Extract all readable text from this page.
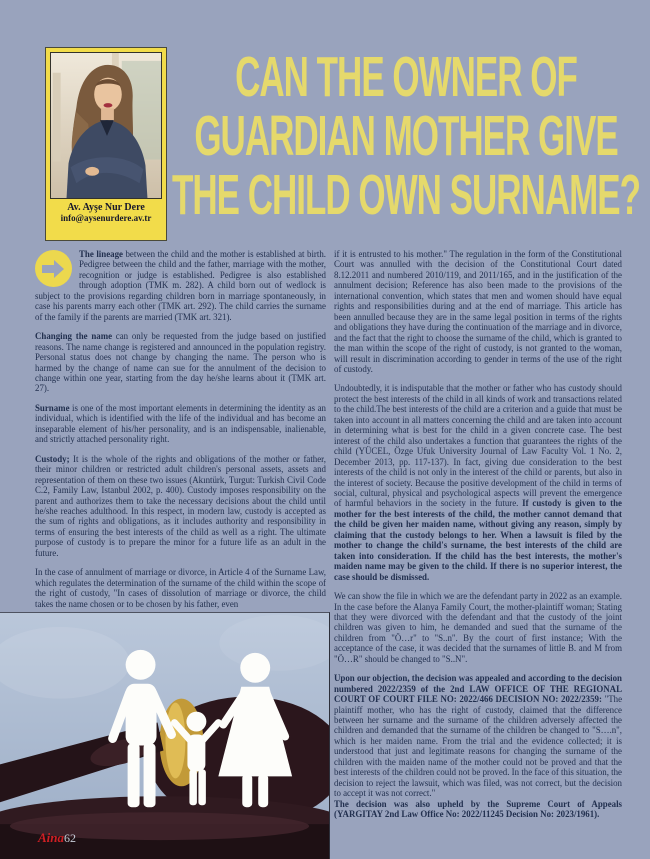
Av. Ayşe Nur Dere
info@aysenurdere.av.tr
CAN THE OWNER OF
GUARDIAN MOTHER GIVE
THE CHILD OWN SURNAME?

The lineage between the child and the mother is established at birth. Pedigree between the child and the father, marriage with the mother, recognition or judge is established. Pedigree is also established through adoption (TMK m. 282). A child born out of wedlock is subject to the provisions regarding children born in marriage spontaneously, in case his parents marry each other (TMK art. 292). The child carries the surname of the family if the parents are married (TMK art. 321).

Changing the name can only be requested from the judge based on justified reasons. The name change is registered and announced in the population registry. Personal status does not change by changing the name. The person who is harmed by the change of name can sue for the annulment of the decision to change within one year, starting from the day he/she learns about it (TMK art. 27).

Surname is one of the most important elements in determining the identity as an individual, which is identified with the life of the individual and has become an inseparable element of his/her personality, and is an indispensable, inalienable, and strictly attached personality right.

Custody; It is the whole of the rights and obligations of the mother or father, their minor children or restricted adult children's personal assets, assets and representation of them on these two issues (Akıntürk, Turgut: Turkish Civil Code C.2, Family Law, Istanbul 2002, p. 400). Custody imposes responsibility on the parent and authorizes them to take the necessary decisions about the child until he/she reaches adulthood. In this respect, in modern law, custody is accepted as the sum of rights and obligations, as it includes authority and responsibility in terms of ensuring the best interests of the child as well as a right. The ultimate purpose of custody is to prepare the minor for a future life as an adult in the future.

In the case of annulment of marriage or divorce, in Article 4 of the Surname Law, which regulates the determination of the surname of the child within the scope of the right of custody, "In cases of dissolution of marriage or divorce, the child takes the name chosen or to be chosen by his father, even

if it is entrusted to his mother." The regulation in the form of the Constitutional Court was annulled with the decision of the Constitutional Court dated 8.12.2011 and numbered 2010/119, and 2011/165, and in the justification of the annulment decision; Reference has also been made to the provisions of the international convention, which states that men and women should have equal rights and responsibilities during and at the end of marriage. This article has been annulled because they are in the same legal position in terms of the rights and obligations they have during the continuation of the marriage and in divorce, and the fact that the right to choose the surname of the child, which is granted to the man within the scope of the right of custody, is not granted to the woman, will result in discrimination according to gender in terms of the use of the right of custody.

Undoubtedly, it is indisputable that the mother or father who has custody should protect the best interests of the child in all kinds of work and transactions related to the child.The best interests of the child are a criterion and a guide that must be taken into account in all matters concerning the child and are taken into account in determining what is best for the child in a given concrete case. The best interest of the child also undertakes a function that guarantees the rights of the child (YÜCEL, Özge Ufuk University Journal of Law Faculty Vol. 1 No. 2, December 2013, pp. 117-137). In fact, giving due consideration to the best interests of the child is not only in the interest of the child or parents, but also in the interest of society. Because the positive development of the child in terms of social, cultural, physical and psychological aspects will prevent the emergence of harmful behaviors in the society in the future. If custody is given to the mother for the best interests of the child, the mother cannot demand that the child be given her maiden name, without giving any reason, simply by claiming that the custody belongs to her. When a lawsuit is filed by the mother to change the child's surname, the best interests of the child are taken into consideration. If the child has the best interests, the mother's maiden name may be given to the child. If there is no superior interest, the case should be dismissed.

We can show the file in which we are the defendant party in 2022 as an example. In the case before the Alanya Family Court, the mother-plaintiff woman; Stating that they were divorced with the defendant and that the custody of the joint children was given to him, he demanded and sued that the surname of the children from "Ö…r" to "S..n". By the court of first instance; With the acceptance of the case, it was decided that the surnames of little B. and M from "Ö…R" should be changed to "S..N".

Upon our objection, the decision was appealed and according to the decision numbered 2022/2359 of the 2nd LAW OFFICE OF THE REGIONAL COURT OF COURT FILE NO: 2022/466 DECISION NO: 2022/2359: "The plaintiff mother, who has the right of custody, claimed that the difference between her surname and the surname of the children adversely affected the children and demanded that the surname of the children be changed to "S….n", which is her maiden name. From the trial and the evidence collected; it is understood that just and legitimate reasons for changing the surname of the children with the maiden name of the mother could not be proved and that the best interests of the children could not be proved. In the face of this situation, the decision to reject the lawsuit, which was filed, was not correct, but the decision to accept it was not correct."
The decision was also upheld by the Supreme Court of Appeals (YARGITAY 2nd Law Office No: 2022/11245 Decision No: 2023/1961).

Aina62
